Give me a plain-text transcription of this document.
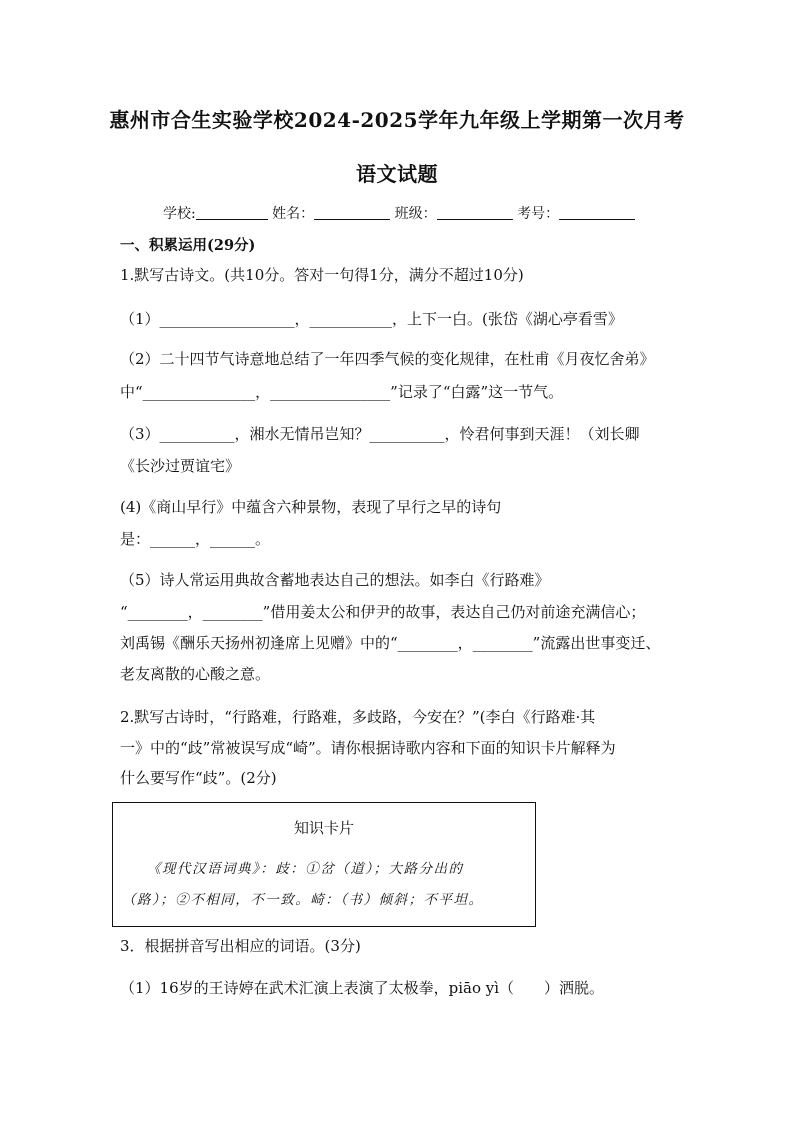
惠州市合生实验学校2024-2025学年九年级上学期第一次月考
语文试题
学校:	姓名：	班级：	考号：
一、积累运用(29分)
1.默写古诗文。(共10分。答对一句得1分，满分不超过10分)
（1）__________________，___________，上下一白。(张岱《湖心亭看雪》
（2）二十四节气诗意地总结了一年四季气候的变化规律，在杜甫《月夜忆舍弟》
中“_______________，________________”记录了“白露”这一节气。
（3）__________，湘水无情吊岂知？__________，怜君何事到天涯！（刘长卿
《长沙过贾谊宅》
(4)《商山早行》中蕴含六种景物，表现了早行之早的诗句
是：______，______。
（5）诗人常运用典故含蓄地表达自己的想法。如李白《行路难》
“________，________”借用姜太公和伊尹的故事，表达自己仍对前途充满信心；
刘禹锡《酬乐天扬州初逢席上见赠》中的“________，________”流露出世事变迁、
老友离散的心酸之意。
2.默写古诗时，“行路难，行路难，多歧路，今安在？”(李白《行路难·其
一》中的“歧”常被误写成“崎”。请你根据诗歌内容和下面的知识卡片解释为
什么要写作“歧”。(2分)
知识卡片
《现代汉语词典》：歧：①岔（道）；大路分出的
（路）；②不相同，不一致。崎：（书）倾斜；不平坦。
3．根据拼音写出相应的词语。(3分)
（1）16岁的王诗婷在武术汇演上表演了太极拳，piāo yì（　　）洒脱。
